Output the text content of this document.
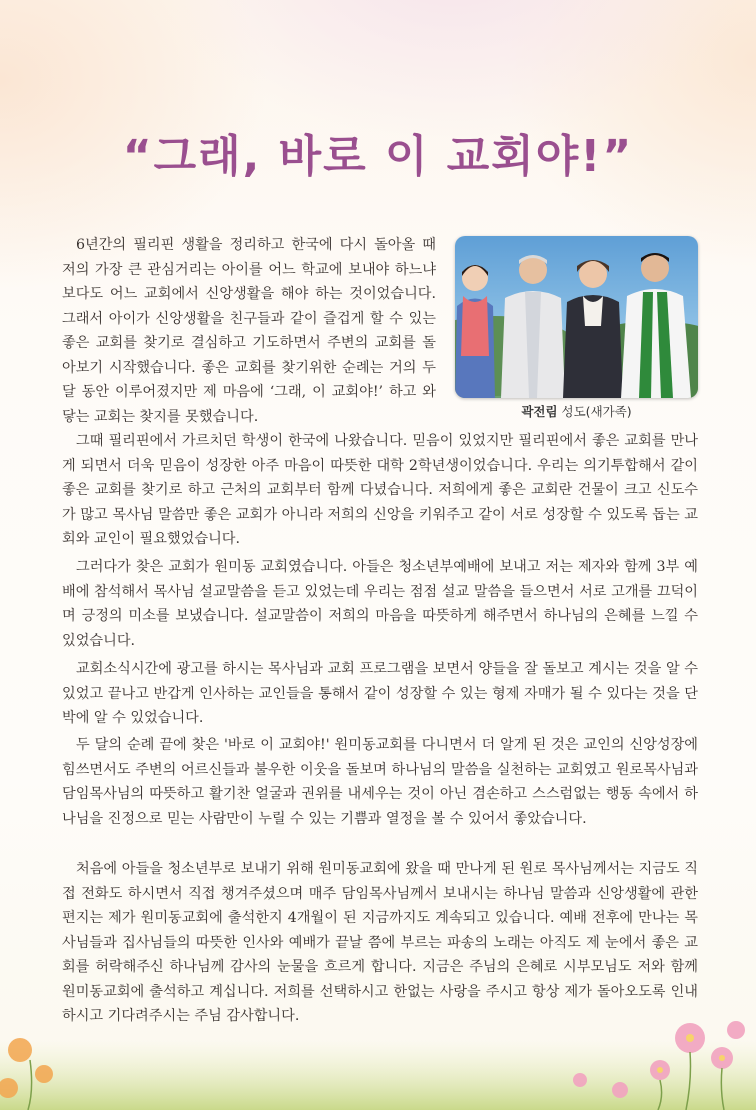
“그래, 바로 이 교회야!”
곽전림 성도(새가족)

6년간의 필리핀 생활을 정리하고 한국에 다시 돌아올 때 저의 가장 큰 관심거리는 아이를 어느 학교에 보내야 하느냐보다도 어느 교회에서 신앙생활을 해야 하는 것이었습니다. 그래서 아이가 신앙생활을 친구들과 같이 즐겁게 할 수 있는 좋은 교회를 찾기로 결심하고 기도하면서 주변의 교회를 돌아보기 시작했습니다. 좋은 교회를 찾기위한 순례는 거의 두달 동안 이루어졌지만 제 마음에 ‘그래, 이 교회야!’ 하고 와닿는 교회는 찾지를 못했습니다.

그때 필리핀에서 가르치던 학생이 한국에 나왔습니다. 믿음이 있었지만 필리핀에서 좋은 교회를 만나게 되면서 더욱 믿음이 성장한 아주 마음이 따뜻한 대학 2학년생이었습니다. 우리는 의기투합해서 같이 좋은 교회를 찾기로 하고 근처의 교회부터 함께 다녔습니다. 저희에게 좋은 교회란 건물이 크고 신도수가 많고 목사님 말씀만 좋은 교회가 아니라 저희의 신앙을 키워주고 같이 서로 성장할 수 있도록 돕는 교회와 교인이 필요했었습니다.

그러다가 찾은 교회가 원미동 교회였습니다. 아들은 청소년부예배에 보내고 저는 제자와 함께 3부 예배에 참석해서 목사님 설교말씀을 듣고 있었는데 우리는 점점 설교 말씀을 들으면서 서로 고개를 끄덕이며 긍정의 미소를 보냈습니다. 설교말씀이 저희의 마음을 따뜻하게 해주면서 하나님의 은혜를 느낄 수 있었습니다.

교회소식시간에 광고를 하시는 목사님과 교회 프로그램을 보면서 양들을 잘 돌보고 계시는 것을 알 수 있었고 끝나고 반갑게 인사하는 교인들을 통해서 같이 성장할 수 있는 형제 자매가 될 수 있다는 것을 단박에 알 수 있었습니다.

두 달의 순례 끝에 찾은 '바로 이 교회야!' 원미동교회를 다니면서 더 알게 된 것은 교인의 신앙성장에 힘쓰면서도 주변의 어르신들과 불우한 이웃을 돌보며 하나님의 말씀을 실천하는 교회였고 원로목사님과 담임목사님의 따뜻하고 활기찬 얼굴과 권위를 내세우는 것이 아닌 겸손하고 스스럼없는 행동 속에서 하나님을 진정으로 믿는 사람만이 누릴 수 있는 기쁨과 열정을 볼 수 있어서 좋았습니다.

처음에 아들을 청소년부로 보내기 위해 원미동교회에 왔을 때 만나게 된 원로 목사님께서는 지금도 직접 전화도 하시면서 직접 챙겨주셨으며 매주 담임목사님께서 보내시는 하나님 말씀과 신앙생활에 관한 편지는 제가 원미동교회에 출석한지 4개월이 된 지금까지도 계속되고 있습니다. 예배 전후에 만나는 목사님들과 집사님들의 따뜻한 인사와 예배가 끝날 쯤에 부르는 파송의 노래는 아직도 제 눈에서 좋은 교회를 허락해주신 하나님께 감사의 눈물을 흐르게 합니다. 지금은 주님의 은혜로 시부모님도 저와 함께 원미동교회에 출석하고 계십니다. 저희를 선택하시고 한없는 사랑을 주시고 항상 제가 돌아오도록 인내하시고 기다려주시는 주님 감사합니다.
